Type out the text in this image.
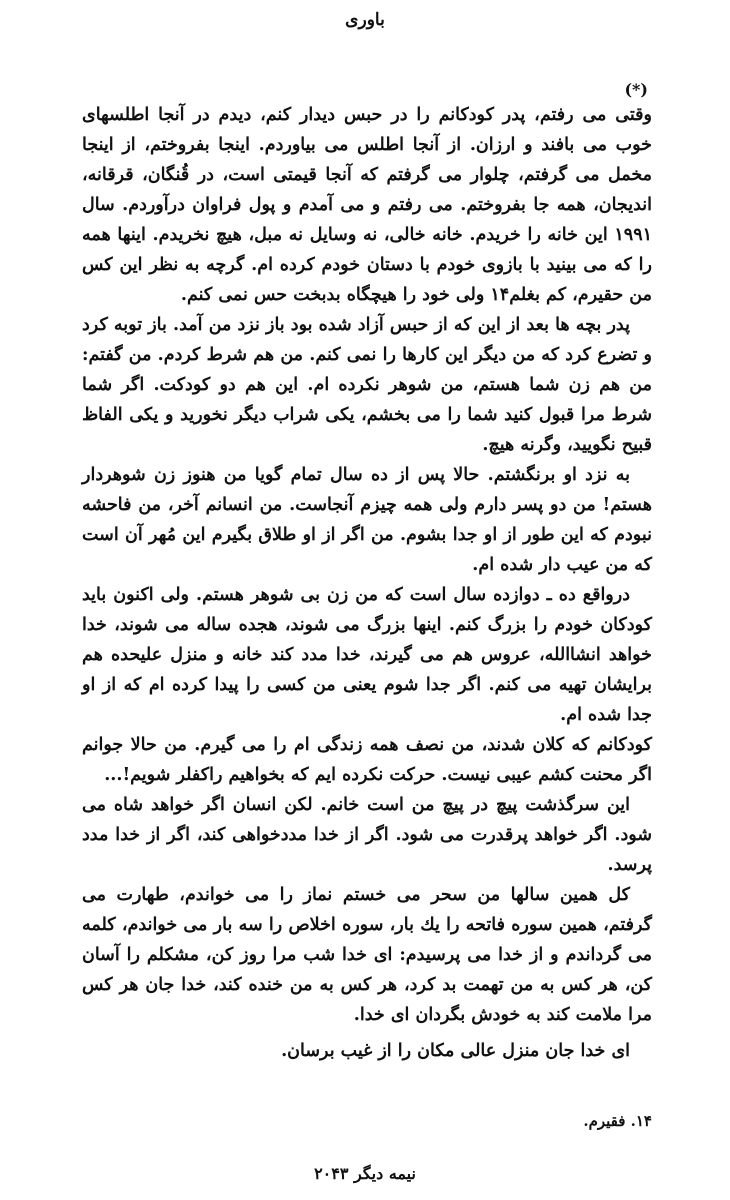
باوری
(*)

وقتی می رفتم، پدر کودکانم را در حبس دیدار کنم، دیدم در آنجا اطلسهای خوب می بافند و ارزان. از آنجا اطلس می بیاوردم. اینجا بفروختم، از اینجا مخمل می گرفتم، چلوار می گرفتم که آنجا قیمتی است، در قُنگان، قرقانه، اندیجان، همه جا بفروختم. می رفتم و می آمدم و پول فراوان درآوردم. سال ۱۹۹۱ این خانه را خریدم. خانه خالی، نه وسایل نه مبل، هیچ نخریدم. اینها همه را که می بینید با بازوی خودم با دستان خودم کرده ام. گرچه به نظر این کس من حقیرم، کم بغلم۱۴ ولی خود را هیچگاه بدبخت حس نمی کنم.

پدر بچه ها بعد از این که از حبس آزاد شده بود باز نزد من آمد. باز توبه کرد و تضرع کرد که من دیگر این کارها را نمی کنم. من هم شرط کردم. من گفتم: من هم زن شما هستم، من شوهر نکرده ام. این هم دو کودکت. اگر شما شرط مرا قبول کنید شما را می بخشم، یکی شراب دیگر نخورید و یکی الفاظ قبیح نگویید، وگرنه هیچ.

به نزد او برنگشتم. حالا پس از ده سال تمام گویا من هنوز زن شوهردار هستم! من دو پسر دارم ولی همه چیزم آنجاست. من انسانم آخر، من فاحشه نبودم که این طور از او جدا بشوم. من اگر از او طلاق بگیرم این مُهر آن است که من عیب دار شده ام.

درواقع ده ـ دوازده سال است که من زن بی شوهر هستم. ولی اکنون باید کودکان خودم را بزرگ کنم. اینها بزرگ می شوند، هجده ساله می شوند، خدا خواهد انشاالله، عروس هم می گیرند، خدا مدد کند خانه و منزل علیحده هم برایشان تهیه می کنم. اگر جدا شوم یعنی من کسی را پیدا کرده ام که از او جدا شده ام.

کودکانم که کلان شدند، من نصف همه زندگی ام را می گیرم. من حالا جوانم اگر محنت کشم عیبی نیست. حرکت نکرده ایم که بخواهیم راکفلر شویم!...

این سرگذشت پیچ در پیچ من است خانم. لکن انسان اگر خواهد شاه می شود. اگر خواهد پرقدرت می شود. اگر از خدا مددخواهی کند، اگر از خدا مدد پرسد.

کل همین سالها من سحر می خستم نماز را می خواندم، طهارت می گرفتم، همین سوره فاتحه را یك بار، سوره اخلاص را سه بار می خواندم، کلمه می گرداندم و از خدا می پرسیدم: ای خدا شب مرا روز کن، مشکلم را آسان کن، هر کس به من تهمت بد کرد، هر کس به من خنده کند، خدا جان هر کس مرا ملامت کند به خودش بگردان ای خدا.

ای خدا جان منزل عالی مکان را از غیب برسان.

۱۴. فقیرم.
نیمه دیگر ۲۰۴۳
